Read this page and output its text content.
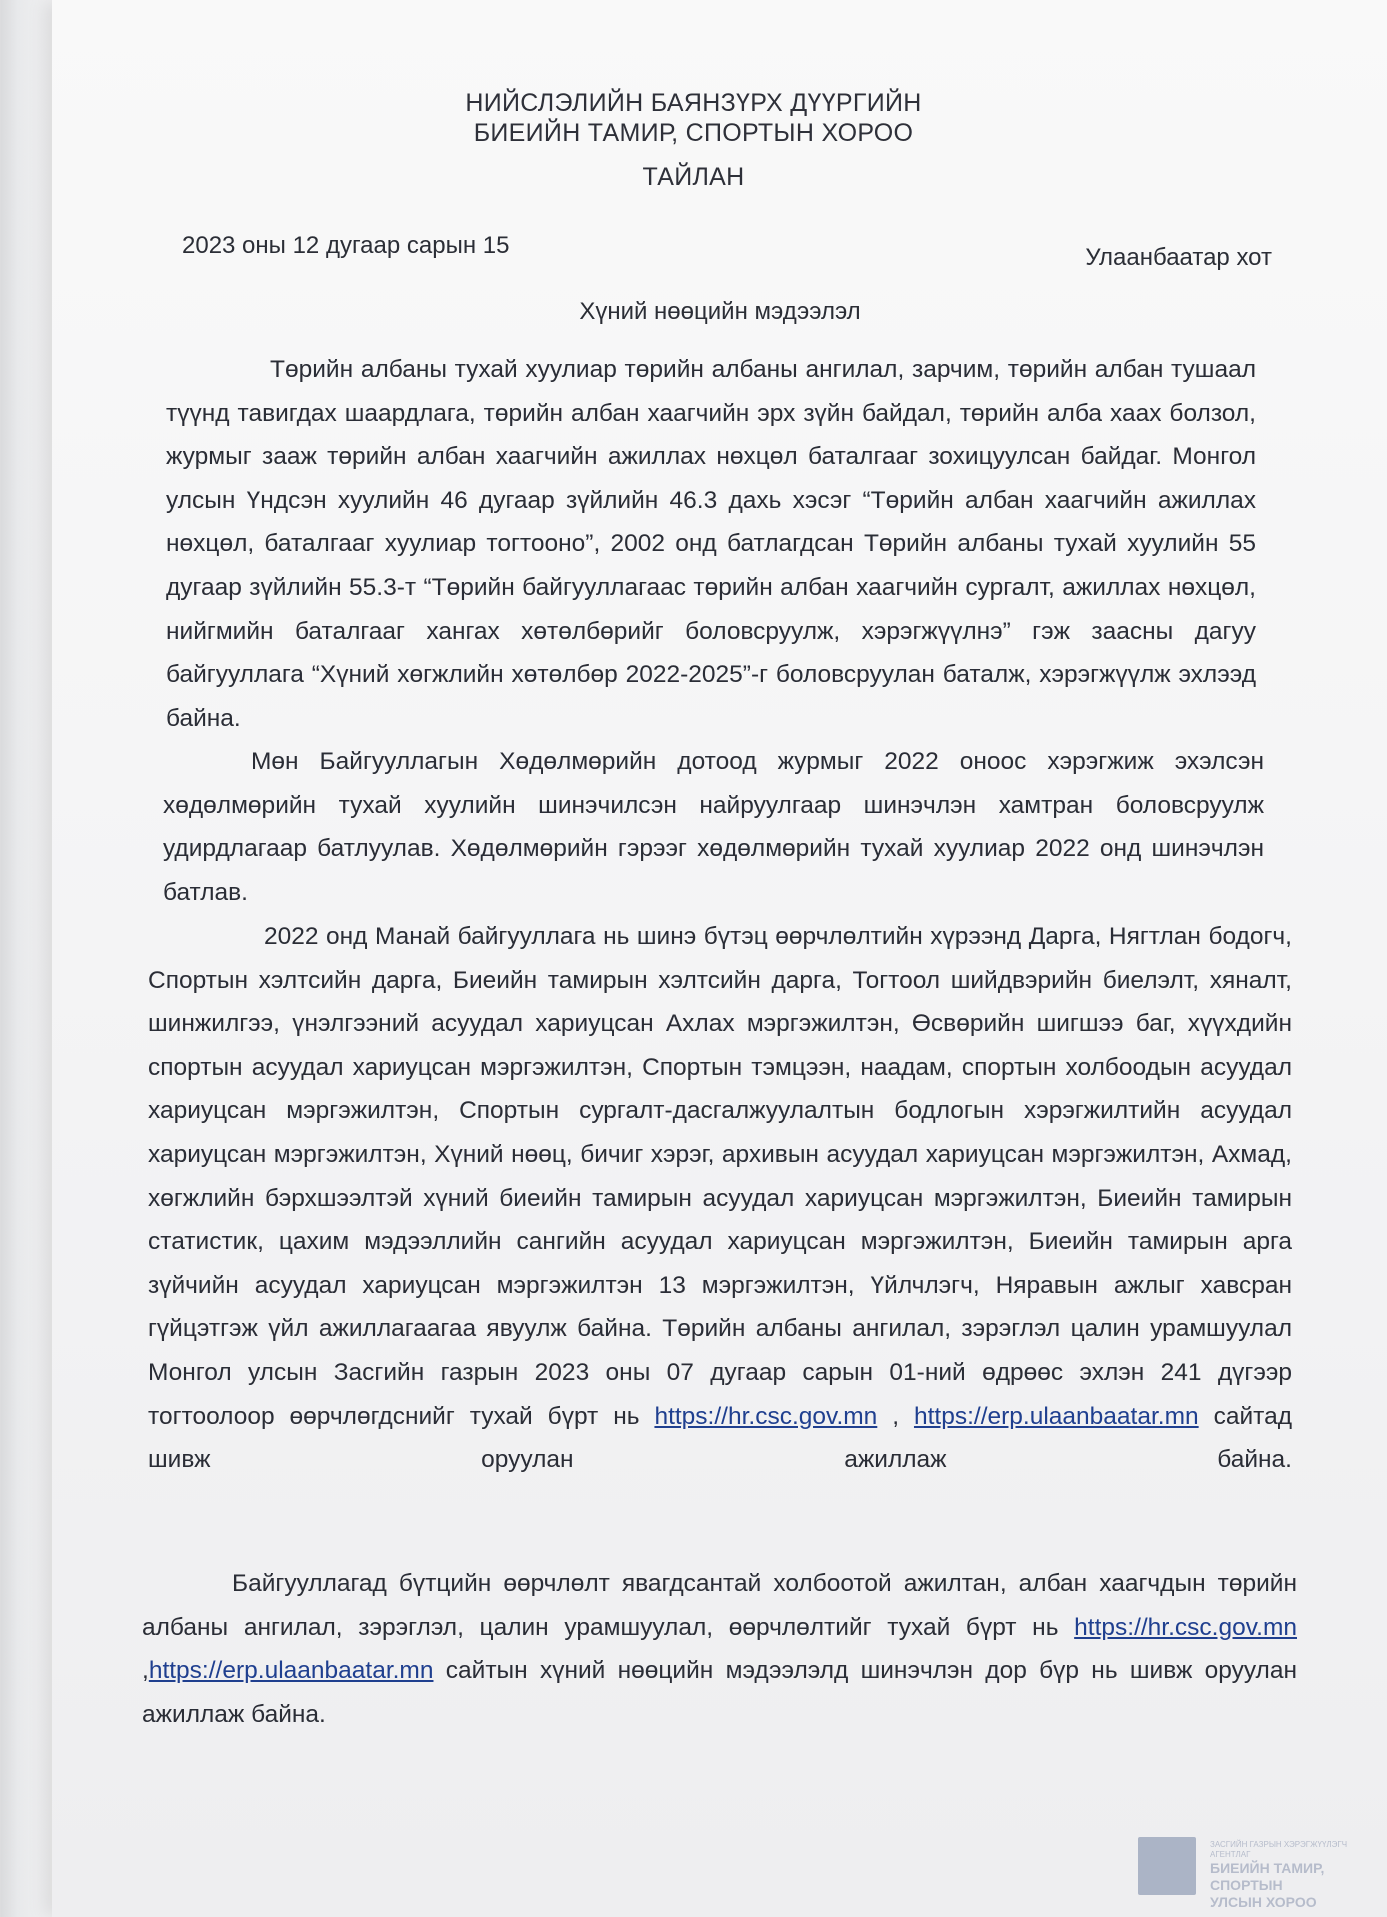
НИЙСЛЭЛИЙН БАЯНЗҮРХ ДҮҮРГИЙН
БИЕИЙН ТАМИР, СПОРТЫН ХОРОО
ТАЙЛАН
2023 оны 12 дугаар сарын 15	Улаанбаатар хот
Хүний нөөцийн мэдээлэл
Төрийн албаны тухай хуулиар төрийн албаны ангилал, зарчим, төрийн албан тушаал түүнд тавигдах шаардлага, төрийн албан хаагчийн эрх зүйн байдал, төрийн алба хаах болзол, журмыг зааж төрийн албан хаагчийн ажиллах нөхцөл баталгааг зохицуулсан байдаг. Монгол улсын Үндсэн хуулийн 46 дугаар зүйлийн 46.3 дахь хэсэг “Төрийн албан хаагчийн ажиллах нөхцөл, баталгааг хуулиар тогтооно”, 2002 онд батлагдсан Төрийн албаны тухай хуулийн 55 дугаар зүйлийн 55.3-т “Төрийн байгууллагаас төрийн албан хаагчийн сургалт, ажиллах нөхцөл, нийгмийн баталгааг хангах хөтөлбөрийг боловсруулж, хэрэгжүүлнэ” гэж заасны дагуу байгууллага “Хүний хөгжлийн хөтөлбөр 2022-2025”-г боловсруулан баталж, хэрэгжүүлж эхлээд байна.
Мөн Байгууллагын Хөдөлмөрийн дотоод журмыг 2022 оноос хэрэгжиж эхэлсэн хөдөлмөрийн тухай хуулийн шинэчилсэн найруулгаар шинэчлэн хамтран боловсруулж удирдлагаар батлуулав. Хөдөлмөрийн гэрээг хөдөлмөрийн тухай хуулиар 2022 онд шинэчлэн батлав.
2022 онд Манай байгууллага нь шинэ бүтэц өөрчлөлтийн хүрээнд Дарга, Нягтлан бодогч, Спортын хэлтсийн дарга, Биеийн тамирын хэлтсийн дарга, Тогтоол шийдвэрийн биелэлт, хяналт, шинжилгээ, үнэлгээний асуудал хариуцсан Ахлах мэргэжилтэн, Өсвөрийн шигшээ баг, хүүхдийн спортын асуудал хариуцсан мэргэжилтэн, Спортын тэмцээн, наадам, спортын холбоодын асуудал хариуцсан мэргэжилтэн, Спортын сургалт-дасгалжуулалтын бодлогын хэрэгжилтийн асуудал хариуцсан мэргэжилтэн, Хүний нөөц, бичиг хэрэг, архивын асуудал хариуцсан мэргэжилтэн, Ахмад, хөгжлийн бэрхшээлтэй хүний биеийн тамирын асуудал хариуцсан мэргэжилтэн, Биеийн тамирын статистик, цахим мэдээллийн сангийн асуудал хариуцсан мэргэжилтэн, Биеийн тамирын арга зүйчийн асуудал хариуцсан мэргэжилтэн 13 мэргэжилтэн, Үйлчлэгч, Няравын ажлыг хавсран гүйцэтгэж үйл ажиллагаагаа явуулж байна. Төрийн албаны ангилал, зэрэглэл цалин урамшуулал Монгол улсын Засгийн газрын 2023 оны 07 дугаар сарын 01-ний өдрөөс эхлэн 241 дүгээр тогтоолоор өөрчлөгдснийг тухай бүрт нь https://hr.csc.gov.mn , https://erp.ulaanbaatar.mn сайтад шивж оруулан ажиллаж байна.
Байгууллагад бүтцийн өөрчлөлт явагдсантай холбоотой ажилтан, албан хаагчдын төрийн албаны ангилал, зэрэглэл, цалин урамшуулал, өөрчлөлтийг тухай бүрт нь https://hr.csc.gov.mn ,https://erp.ulaanbaatar.mn сайтын хүний нөөцийн мэдээлэлд шинэчлэн дор бүр нь шивж оруулан ажиллаж байна.
ЗАСГИЙН ГАЗРЫН ХЭРЭГЖҮҮЛЭГЧ АГЕНТЛАГ
БИЕИЙН ТАМИР, СПОРТЫН
УЛСЫН ХОРОО
